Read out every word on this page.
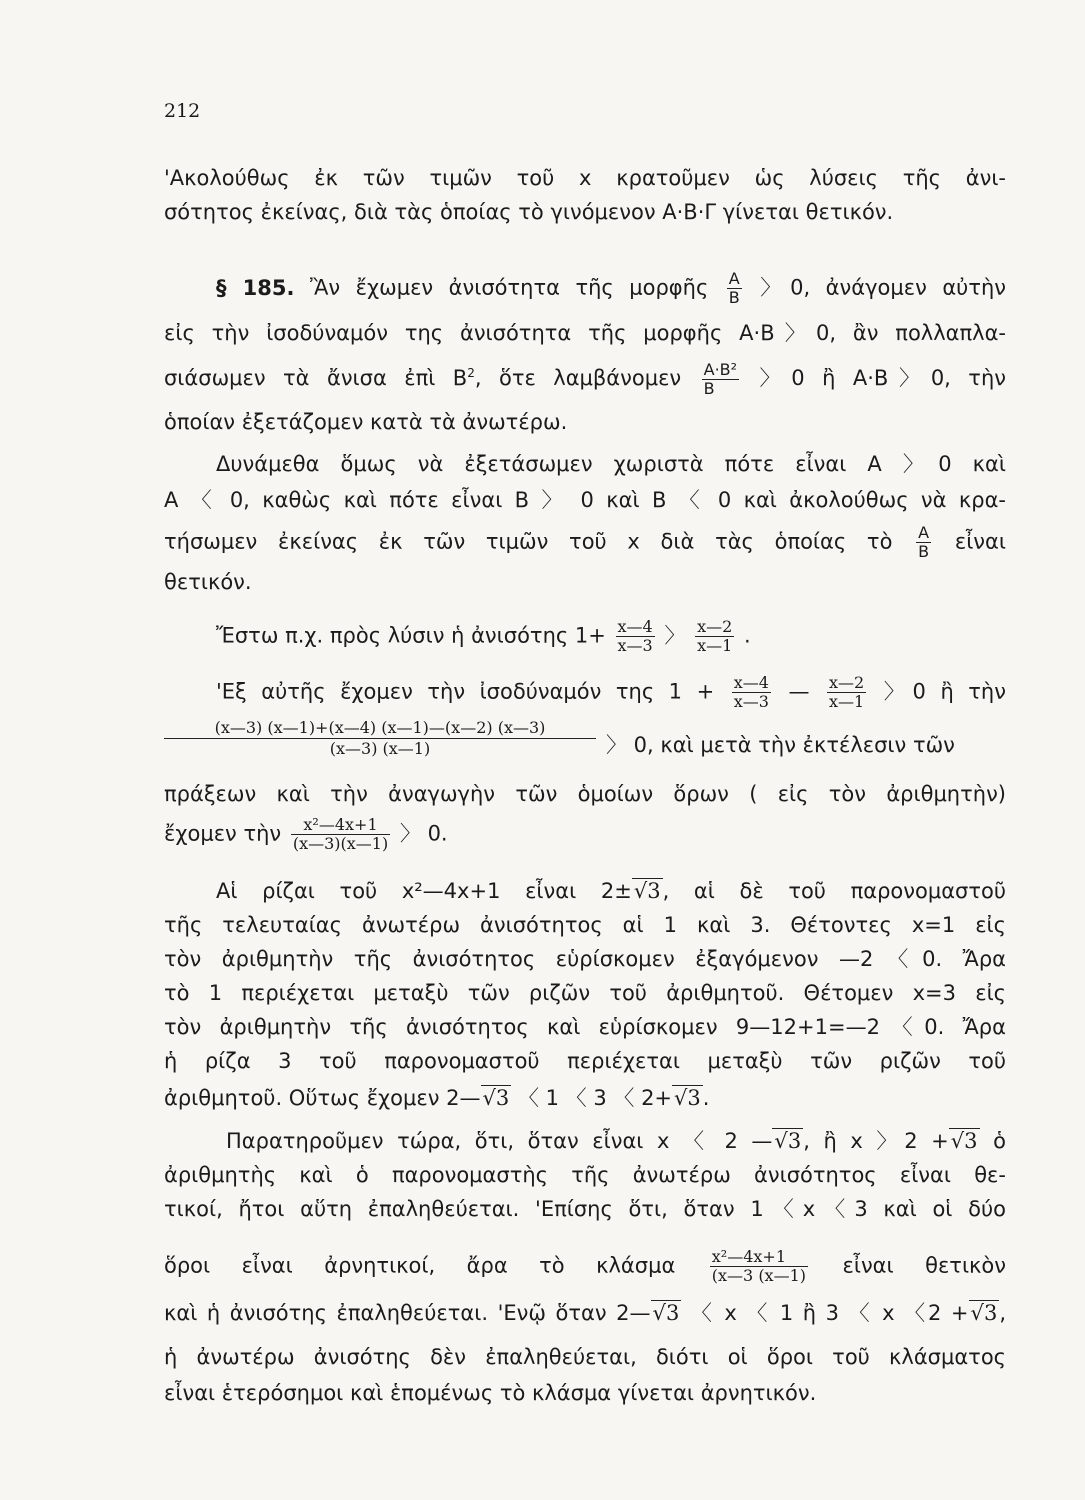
212
'Ακολούθως ἐκ τῶν τιμῶν τοῦ x κρατοῦμεν ὡς λύσεις τῆς ἀνι-
σότητος ἐκείνας, διὰ τὰς ὁποίας τὸ γινόμενον Α·Β·Γ γίνεται θετικόν.
§ 185. Ἂν ἔχωμεν ἀνισότητα τῆς μορφῆς $\frac{A}{B}$ 〉0, ἀνάγομεν αὐτὴν
εἰς τὴν ἰσοδύναμόν της ἀνισότητα τῆς μορφῆς Α·Β〉0, ἂν πολλαπλα-
σιάσωμεν τὰ ἄνισα ἐπὶ $B^2$, ὅτε λαμβάνομεν $\frac{\text{A·B²}}{B}$ 〉0 ἢ Α·Β〉0, τὴν
ὁποίαν ἐξετάζομεν κατὰ τὰ ἀνωτέρω.
Δυνάμεθα ὅμως νὰ ἐξετάσωμεν χωριστὰ πότε εἶναι Α 〉0 καὶ
Α 〈 0, καθὼς καὶ πότε εἶναι Β 〉 0 καὶ Β 〈 0 καὶ ἀκολούθως νὰ κρα-
τήσωμεν ἐκείνας ἐκ τῶν τιμῶν τοῦ x διὰ τὰς ὁποίας τὸ $\frac{A}{B}$ εἶναι
θετικόν.
Ἔστω π.χ. πρὸς λύσιν ἡ ἀνισότης $1+ \frac{x—4}{x—3}$ 〉 $\frac{x—2}{x—1}$ .
'Εξ αὐτῆς ἔχομεν τὴν ἰσοδύναμόν της $1 + \frac{x—4}{x—3}$ — $\frac{x—2}{x—1}$ 〉0 ἢ τὴν
$\frac{(x—3) (x—1)+(x—4) (x—1)—(x—2) (x—3)}{(x—3) (x—1)}$ 〉 0, καὶ μετὰ τὴν ἐκτέλεσιν τῶν
πράξεων καὶ τὴν ἀναγωγὴν τῶν ὁμοίων ὅρων ( εἰς τὸν ἀριθμητὴν)
ἔχομεν τὴν $\frac{\text{x²—4x+1}}{(x—3)(x—1)}$ 〉 0.
Αἱ ρίζαι τοῦ x²—4x+1 εἶναι 2±√3, αἱ δὲ τοῦ παρονομαστοῦ
τῆς τελευταίας ἀνωτέρω ἀνισότητος αἱ 1 καὶ 3. Θέτοντες x=1 εἰς
τὸν ἀριθμητὴν τῆς ἀνισότητος εὑρίσκομεν ἐξαγόμενον —2〈0. Ἄρα
τὸ 1 περιέχεται μεταξὺ τῶν ριζῶν τοῦ ἀριθμητοῦ. Θέτομεν x=3 εἰς
τὸν ἀριθμητὴν τῆς ἀνισότητος καὶ εὑρίσκομεν 9—12+1=—2〈0. Ἄρα
ἡ ρίζα 3 τοῦ παρονομαστοῦ περιέχεται μεταξὺ τῶν ριζῶν τοῦ
ἀριθμητοῦ. Οὕτως ἔχομεν 2—√3 〈 1 〈 3 〈 2+√3.
Παρατηροῦμεν τώρα, ὅτι, ὅταν εἶναι x 〈 2 —√3, ἢ x 〉2 +√3 ὁ
ἀριθμητὴς καὶ ὁ παρονομαστὴς τῆς ἀνωτέρω ἀνισότητος εἶναι θε-
τικοί, ἤτοι αὕτη ἐπαληθεύεται. 'Επίσης ὅτι, ὅταν 1〈x〈3 καὶ οἱ δύο
ὅροι εἶναι ἀρνητικοί, ἄρα τὸ κλάσμα $\frac{\text{x²—4x+1}}{(x—3 (x—1)}$ εἶναι θετικὸν
καὶ ἡ ἀνισότης ἐπαληθεύεται. 'Ενῷ ὅταν 2—√3 〈 x 〈 1 ἢ 3 〈 x 〈2 +√3,
ἡ ἀνωτέρω ἀνισότης δὲν ἐπαληθεύεται, διότι οἱ ὅροι τοῦ κλάσματος
εἶναι ἑτερόσημοι καὶ ἑπομένως τὸ κλάσμα γίνεται ἀρνητικόν.
